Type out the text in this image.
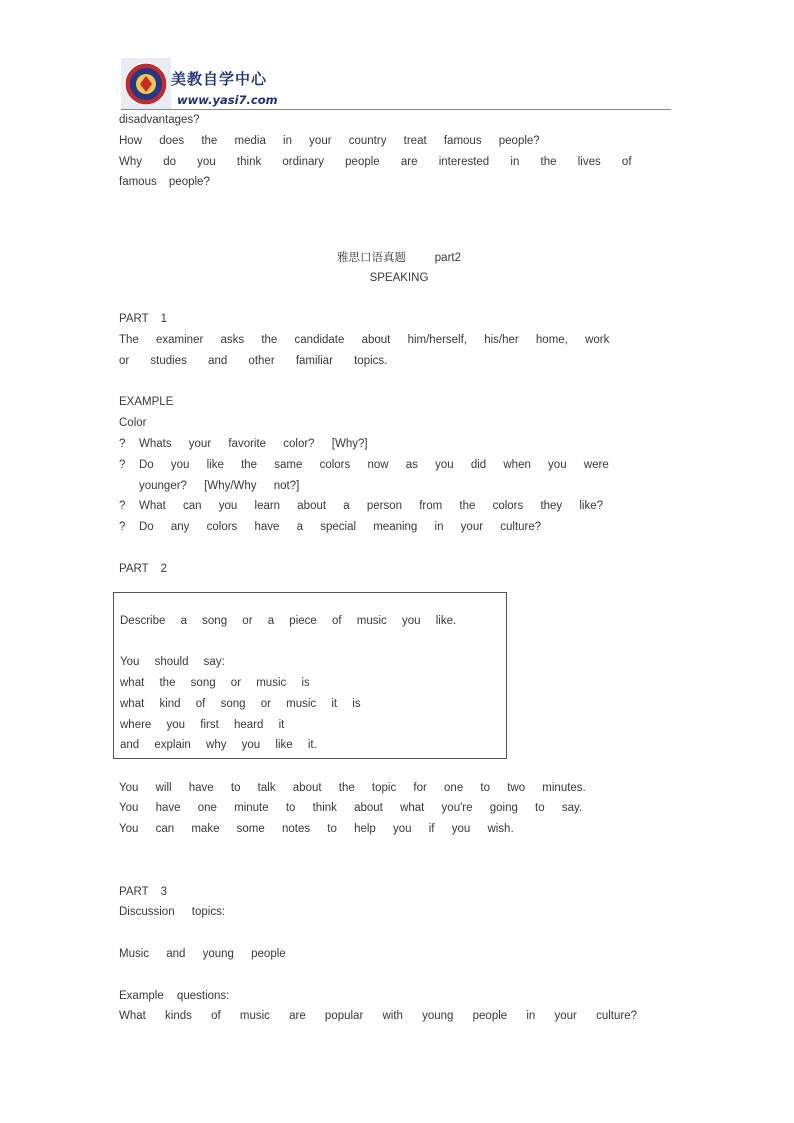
美教自学中心
www.yasi7.com
disadvantages?
How does the media in your country treat famous people?
Why do you think ordinary people are interested in the lives of
famous people?
雅思口语真题	part2
SPEAKING
PART 1
The examiner asks the candidate about him/herself, his/her home, work
or studies and other familiar topics.
EXAMPLE
Color
? Whats your favorite color? [Why?]
? Do you like the same colors now as you did when you were
younger? [Why/Why not?]
? What can you learn about a person from the colors they like?
? Do any colors have a special meaning in your culture?
PART 2
Describe a song or a piece of music you like.
You should say:
what the song or music is
what kind of song or music it is
where you first heard it
and explain why you like it.
You will have to talk about the topic for one to two minutes.
You have one minute to think about what you're going to say.
You can make some notes to help you if you wish.
PART 3
Discussion topics:
Music and young people
Example questions:
What kinds of music are popular with young people in your culture?
